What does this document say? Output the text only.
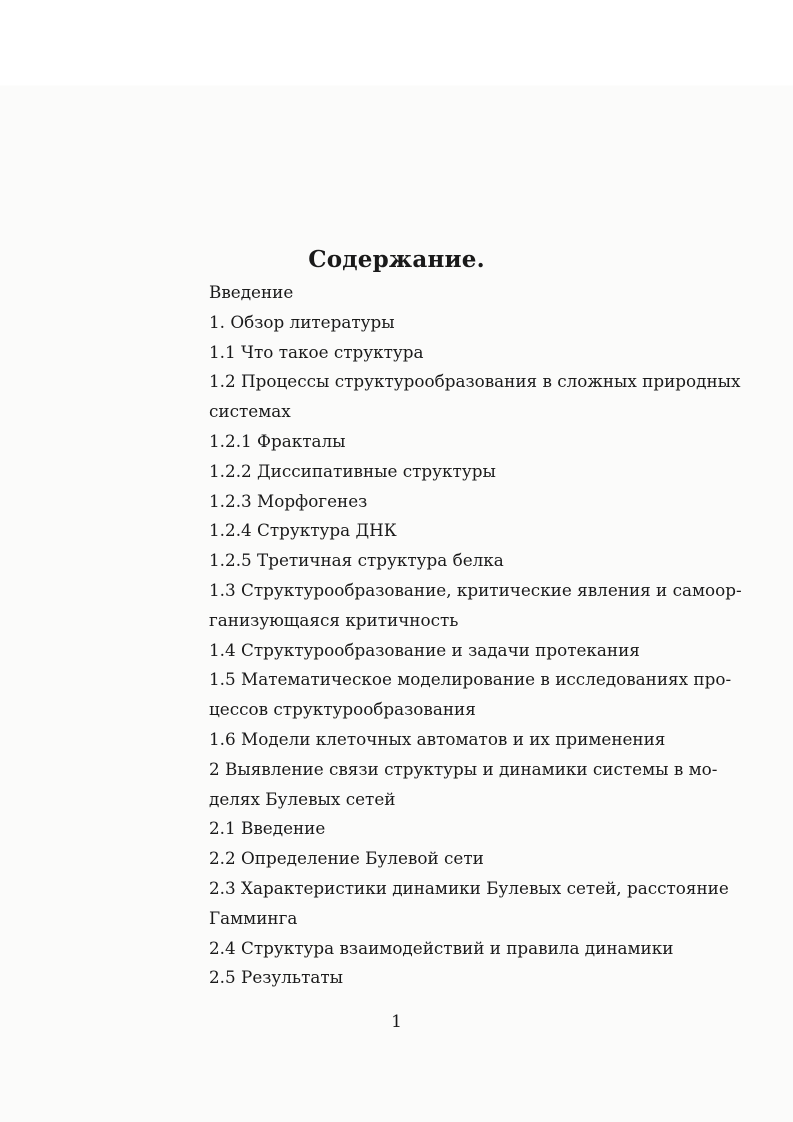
Содержание.
Введение
1. Обзор литературы
1.1 Что такое структура
1.2 Процессы структурообразования в сложных природных
системах
1.2.1 Фракталы
1.2.2 Диссипативные структуры
1.2.3 Морфогенез
1.2.4 Структура ДНК
1.2.5 Третичная структура белка
1.3 Структурообразование, критические явления и самоор-
ганизующаяся критичность
1.4 Структурообразование и задачи протекания
1.5 Математическое моделирование в исследованиях про-
цессов структурообразования
1.6 Модели клеточных автоматов и их применения
2 Выявление связи структуры и динамики системы в мо-
делях Булевых сетей
2.1 Введение
2.2 Определение Булевой сети
2.3 Характеристики динамики Булевых сетей, расстояние
Гамминга
2.4 Структура взаимодействий и правила динамики
2.5 Результаты
1
